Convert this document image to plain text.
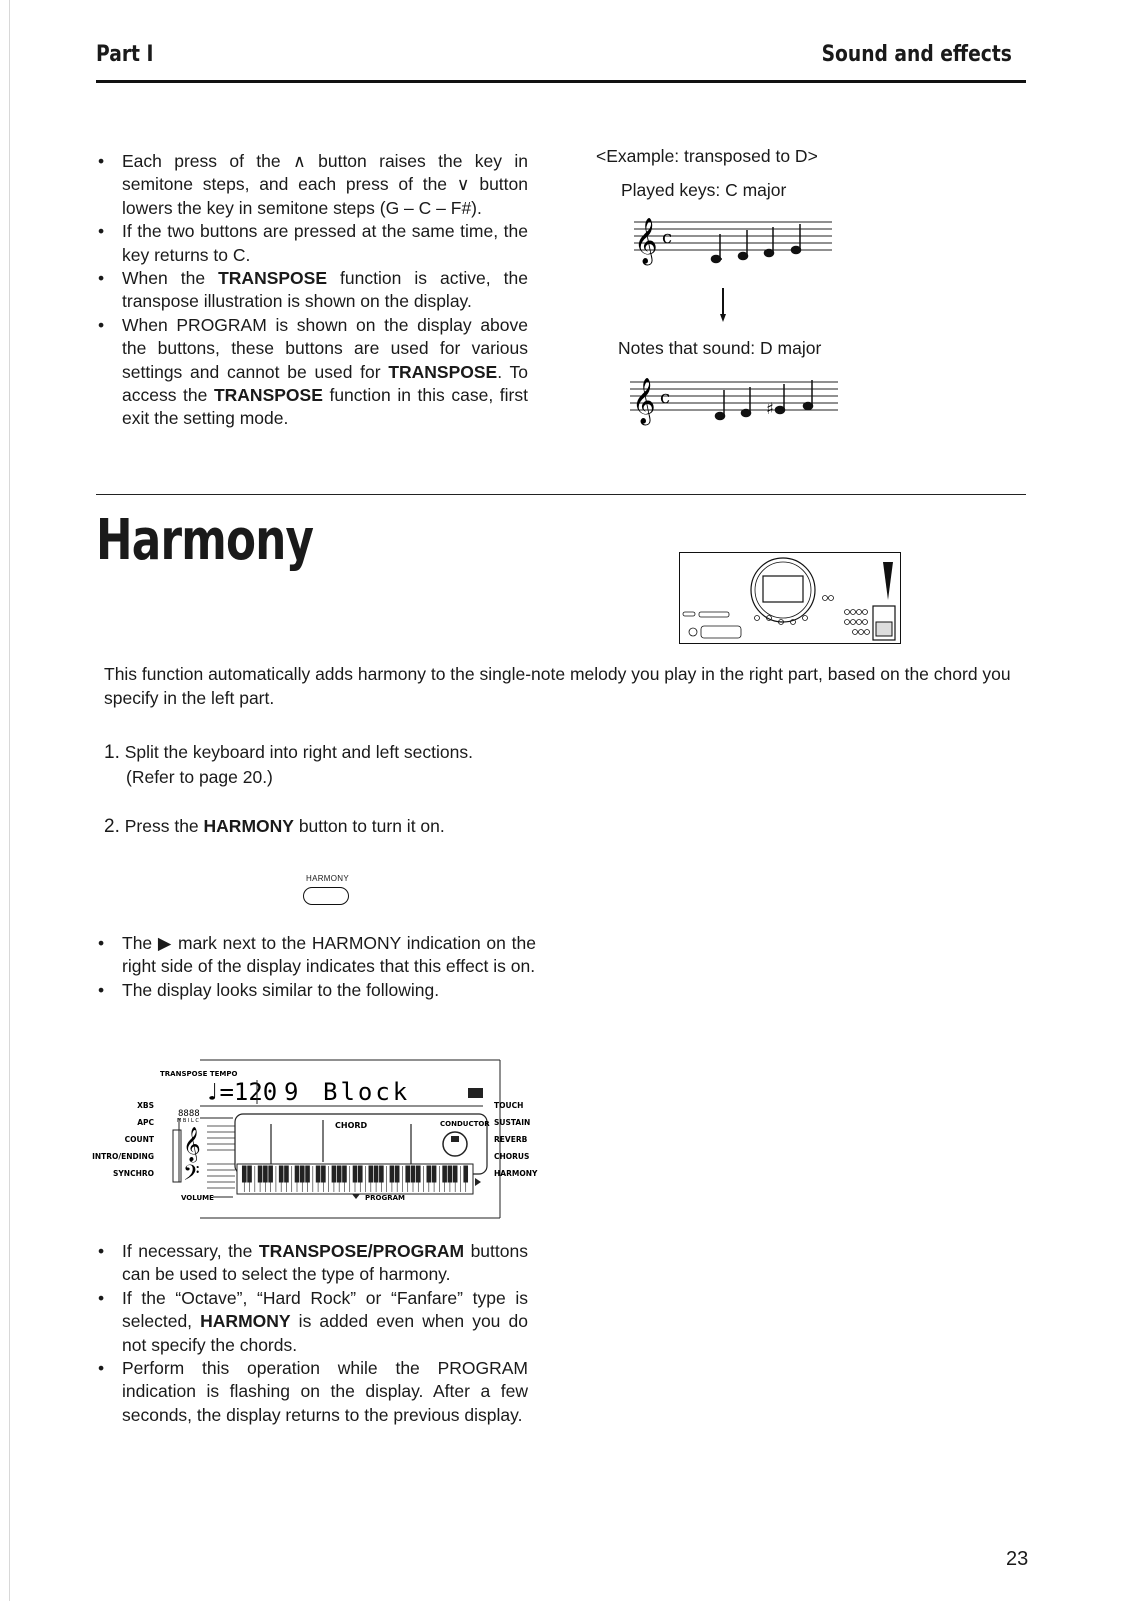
Part I	Sound and effects
• Each press of the ∧ button raises the key in semitone steps, and each press of the ∨ button lowers the key in semitone steps (G – C – F#).
• If the two buttons are pressed at the same time, the key returns to C.
• When the TRANSPOSE function is active, the transpose illustration is shown on the display.
• When PROGRAM is shown on the display above the buttons, these buttons are used for various settings and cannot be used for TRANSPOSE. To access the TRANSPOSE function in this case, first exit the setting mode.
<Example: transposed to D>
Played keys: C major
𝄞 c
Notes that sound: D major
𝄞 c
♯
Harmony
This function automatically adds harmony to the single-note melody you play in the right part, based on the chord you specify in the left part.
1. Split the keyboard into right and left sections.
(Refer to page 20.)
2. Press the HARMONY button to turn it on.
HARMONY
• The ▶ mark next to the HARMONY indication on the right side of the display indicates that this effect is on.
• The display looks similar to the following.
TRANSPOSE TEMPO
♩=120 9 Block
8888
M B I L C	CHORD	CONDUCTOR
𝄞
𝄢
XBS
APC
COUNT
INTRO/ENDING
SYNCHRO
TOUCH
SUSTAIN
REVERB
CHORUS
HARMONY
VOLUME	PROGRAM
• If necessary, the TRANSPOSE/PROGRAM buttons can be used to select the type of harmony.
• If the “Octave”, “Hard Rock” or “Fanfare” type is selected, HARMONY is added even when you do not specify the chords.
• Perform this operation while the PROGRAM indication is flashing on the display. After a few seconds, the display returns to the previous display.
23
